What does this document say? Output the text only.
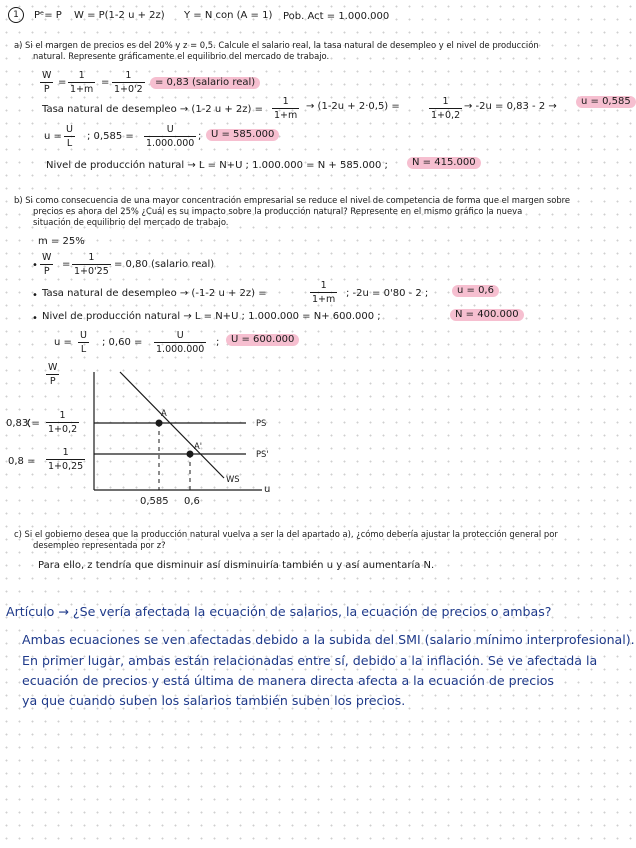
1	Pᵉ= P W = P(1-2 u + 2z) Y = N con (A = 1) Pob. Act = 1.000.000
a) Si el margen de precios es del 20% y z = 0,5. Calcule el salario real, la tasa natural de desempleo y el nivel de producción
natural. Represente gráficamente el equilibrio del mercado de trabajo.
W
P
=
1
1+m
=
1
1+0'2
= 0,83 (salario real)
Tasa natural de desempleo → (1-2 u + 2z) =
1
1+m
→ (1-2u + 2·0,5) =	1
1+0,2
→ -2u = 0,83 - 2 →	u = 0,585
u =
U
L
; 0,585 =
U
1.000.000
; U = 585.000
Nivel de producción natural → L = N+U ; 1.000.000 = N + 585.000 ;	N = 415.000
b) Si como consecuencia de una mayor concentración empresarial se reduce el nivel de competencia de forma que el margen sobre
precios es ahora del 25% ¿Cuál es su impacto sobre la producción natural? Represente en el mismo gráfico la nueva
situación de equilibrio del mercado de trabajo.
m = 25%
•
W
P
=
1
1+0'25
= 0,80 (salario real)
• Tasa natural de desempleo → (-1-2 u + 2z) =
1
1+m
; -2u = 0'80 - 2 ;	u = 0,6
• Nivel de producción natural → L = N+U ; 1.000.000 = N+ 600.000 ;	N = 400.000
u =
U
L
; 0,60 =
U
1.000.000
;	U = 600.000
W
P
0,83 =
1
1+0,2
0,8 =
1
1+0,25
PS
PS'
WS
A
A'
0,585 0,6
u
c) Si el gobierno desea que la producción natural vuelva a ser la del apartado a), ¿cómo debería ajustar la protección general por
desempleo representada por z?
Para ello, z tendría que disminuir así disminuiría también u y así aumentaría N.
Artículo → ¿Se vería afectada la ecuación de salarios, la ecuación de precios o ambas?
Ambas ecuaciones se ven afectadas debido a la subida del SMI (salario mínimo interprofesional).
En primer lugar, ambas están relacionadas entre sí, debido a la inflación. Se ve afectada la
ecuación de precios y está última de manera directa afecta a la ecuación de precios
ya que cuando suben los salarios también suben los precios.
